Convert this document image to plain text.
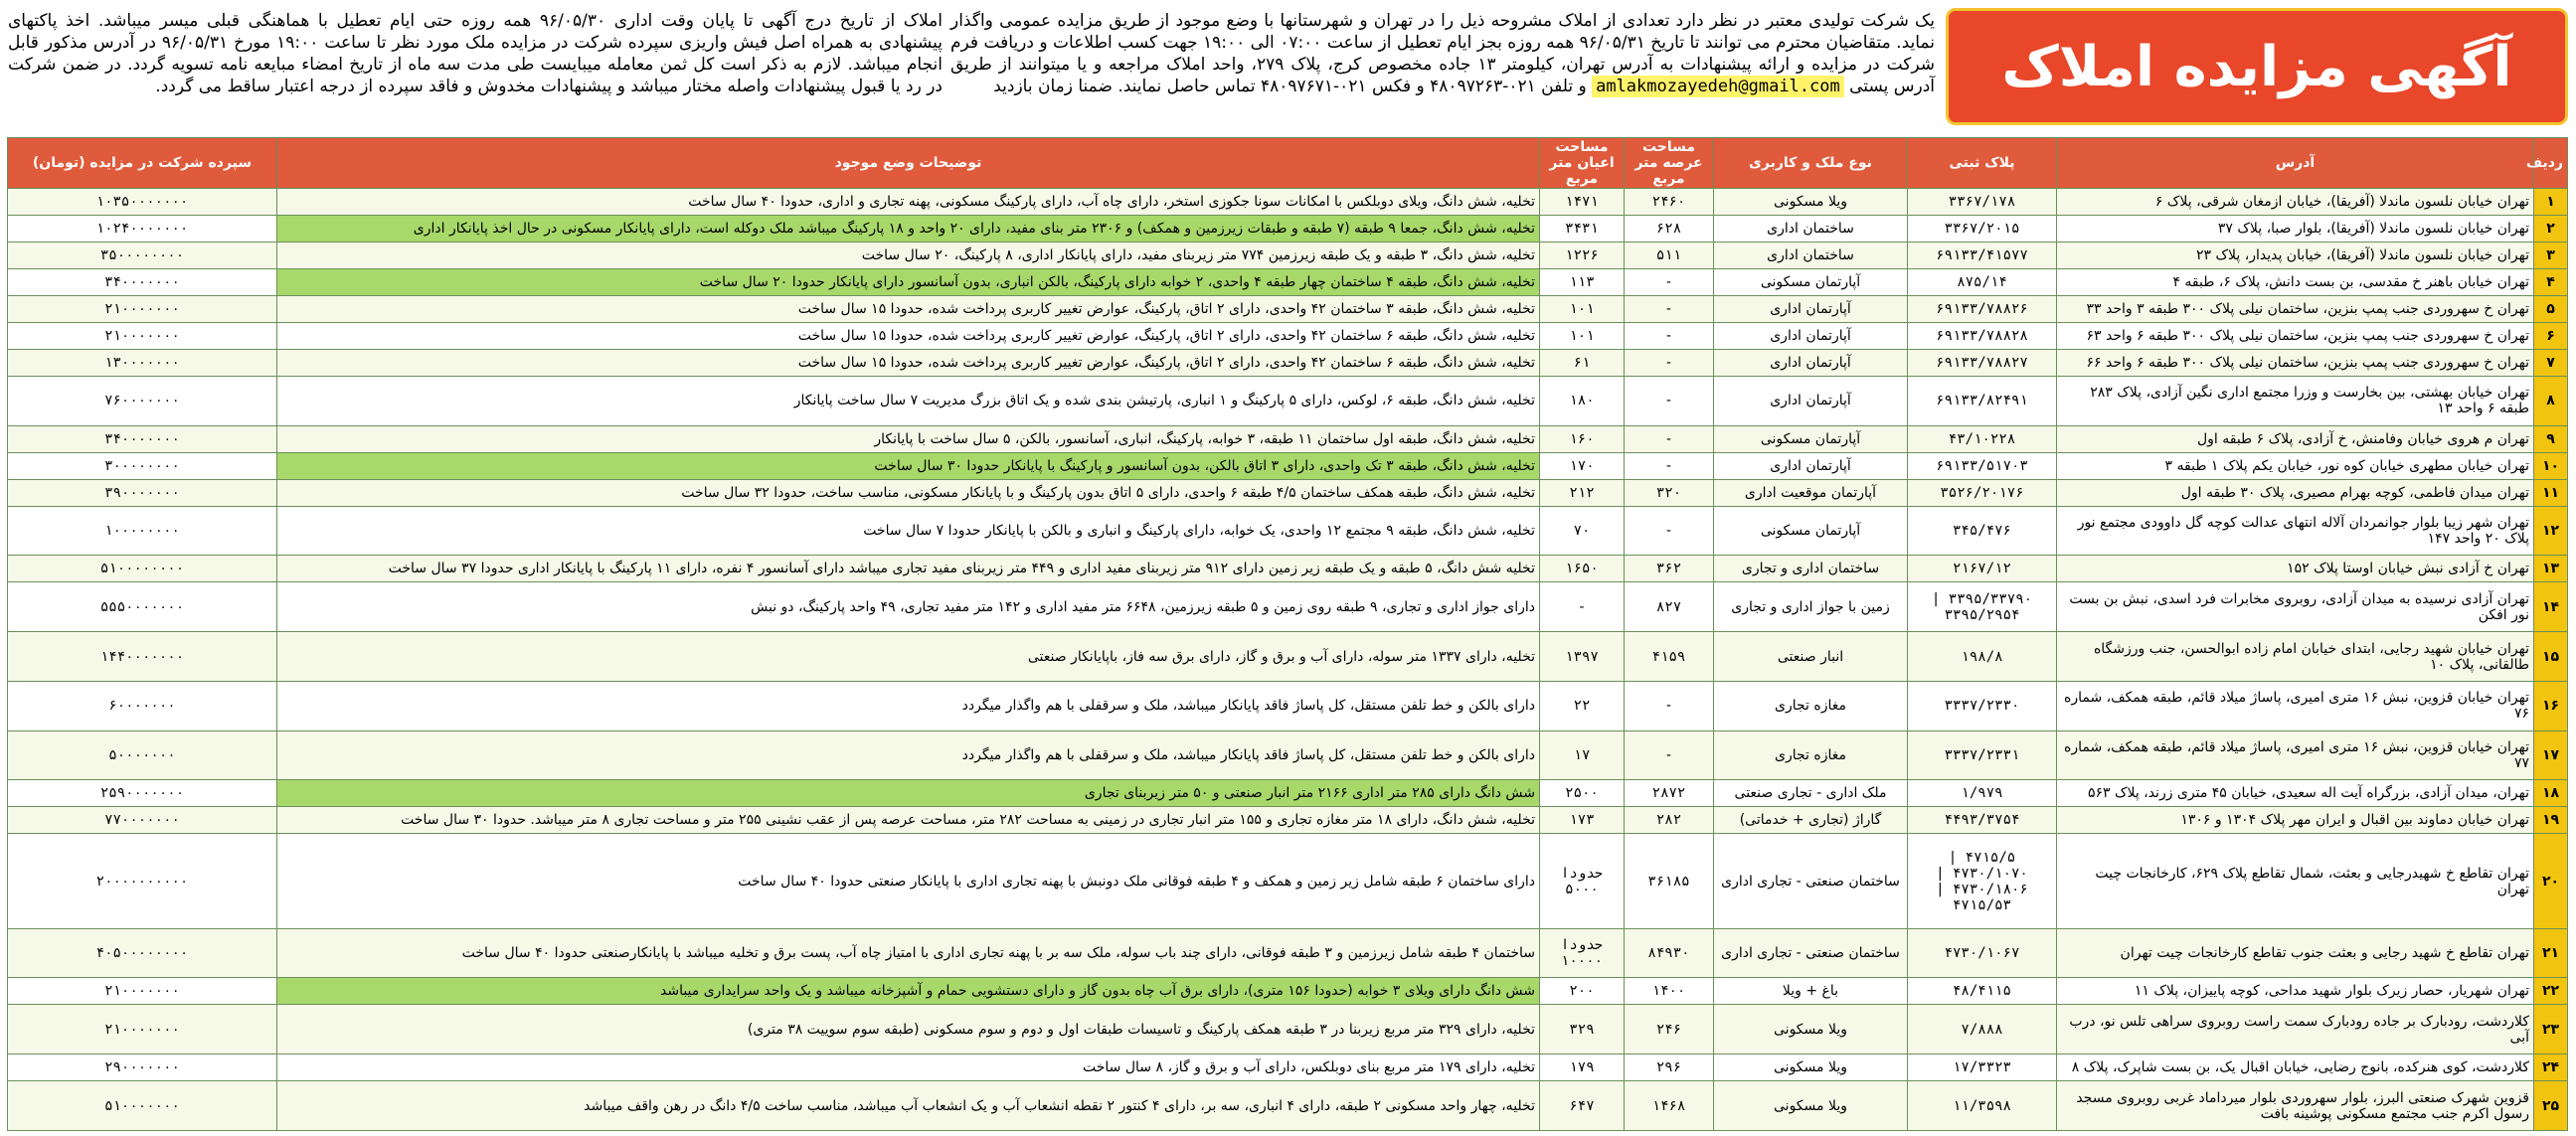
آگهی مزایده املاک
یک شرکت تولیدی معتبر در نظر دارد تعدادی از املاک مشروحه ذیل را در تهران و شهرستانها با وضع موجود از طریق مزایده عمومی واگذار نماید. متقاضیان محترم می توانند تا تاریخ ۹۶/۰۵/۳۱ همه روزه بجز ایام تعطیل از ساعت ۰۷:۰۰ الی ۱۹:۰۰ جهت کسب اطلاعات و دریافت فرم شرکت در مزایده و ارائه پیشنهادات به آدرس تهران، کیلومتر ۱۳ جاده مخصوص کرج، پلاک ۲۷۹، واحد املاک مراجعه و یا میتوانند از طریق آدرس پستی amlakmozayedeh@gmail.com و تلفن ۰۲۱-۴۸۰۹۷۲۶۳ و فکس ۰۲۱-۴۸۰۹۷۶۷۱ تماس حاصل نمایند. ضمنا زمان بازدید
املاک از تاریخ درج آگهی تا پایان وقت اداری ۹۶/۰۵/۳۰ همه روزه حتی ایام تعطیل با هماهنگی قبلی میسر میباشد. اخذ پاکتهای پیشنهادی به همراه اصل فیش واریزی سپرده شرکت در مزایده ملک مورد نظر تا ساعت ۱۹:۰۰ مورخ ۹۶/۰۵/۳۱ در آدرس مذکور قابل انجام میباشد. لازم به ذکر است کل ثمن معامله میبایست طی مدت سه ماه از تاریخ امضاء مبایعه نامه تسویه گردد. در ضمن شرکت در رد یا قبول پیشنهادات واصله مختار میباشد و پیشنهادات مخدوش و فاقد سپرده از درجه اعتبار ساقط می گردد.
ردیف	آدرس	پلاک ثبتی	نوع ملک و کاربری	مساحت عرصه متر مربع	مساحت اعیان متر مربع	توضیحات وضع موجود	سپرده شرکت در مزایده (تومان)
۱	تهران خیابان نلسون ماندلا (آفریقا)، خیابان ازمغان شرقی، پلاک ۶	۳۳۶۷/۱۷۸	ویلا مسکونی	۲۴۶۰	۱۴۷۱	تخلیه، شش دانگ، ویلای دوبلکس با امکانات سونا جکوزی استخر، دارای چاه آب، دارای پارکینگ مسکونی، پهنه تجاری و اداری، حدودا ۴۰ سال ساخت	۱۰۳۵۰۰۰۰۰۰۰
۲	تهران خیابان نلسون ماندلا (آفریقا)، بلوار صبا، پلاک ۳۷	۳۳۶۷/۲۰۱۵	ساختمان اداری	۶۲۸	۳۴۳۱	تخلیه، شش دانگ، جمعا ۹ طبقه (۷ طبقه و طبقات زیرزمین و همکف) و ۲۳۰۶ متر بنای مفید، دارای ۲۰ واحد و ۱۸ پارکینگ میباشد ملک دوکله است، دارای پایانکار مسکونی در حال اخذ پایانکار اداری	۱۰۲۴۰۰۰۰۰۰۰
۳	تهران خیابان نلسون ماندلا (آفریقا)، خیابان پدیدار، پلاک ۲۳	۶۹۱۳۳/۴۱۵۷۷	ساختمان اداری	۵۱۱	۱۲۲۶	تخلیه، شش دانگ، ۳ طبقه و یک طبقه زیرزمین ۷۷۴ متر زیربنای مفید، دارای پایانکار اداری، ۸ پارکینگ، ۲۰ سال ساخت	۳۵۰۰۰۰۰۰۰۰
۴	تهران خیابان باهنر خ مقدسی، بن بست دانش، پلاک ۶، طبقه ۴	۸۷۵/۱۴	آپارتمان مسکونی	-	۱۱۳	تخلیه، شش دانگ، طبقه ۴ ساختمان چهار طبقه ۴ واحدی، ۲ خوابه دارای پارکینگ، بالکن انباری، بدون آسانسور دارای پایانکار حدودا ۲۰ سال ساخت	۳۴۰۰۰۰۰۰۰
۵	تهران خ سهروردی جنب پمپ بنزین، ساختمان نیلی پلاک ۳۰۰ طبقه ۳ واحد ۳۳	۶۹۱۳۳/۷۸۸۲۶	آپارتمان اداری	-	۱۰۱	تخلیه، شش دانگ، طبقه ۳ ساختمان ۴۲ واحدی، دارای ۲ اتاق، پارکینگ، عوارض تغییر کاربری پرداخت شده، حدودا ۱۵ سال ساخت	۲۱۰۰۰۰۰۰۰
۶	تهران خ سهروردی جنب پمپ بنزین، ساختمان نیلی پلاک ۳۰۰ طبقه ۶ واحد ۶۳	۶۹۱۳۳/۷۸۸۲۸	آپارتمان اداری	-	۱۰۱	تخلیه، شش دانگ، طبقه ۶ ساختمان ۴۲ واحدی، دارای ۲ اتاق، پارکینگ، عوارض تغییر کاربری پرداخت شده، حدودا ۱۵ سال ساخت	۲۱۰۰۰۰۰۰۰
۷	تهران خ سهروردی جنب پمپ بنزین، ساختمان نیلی پلاک ۳۰۰ طبقه ۶ واحد ۶۶	۶۹۱۳۳/۷۸۸۲۷	آپارتمان اداری	-	۶۱	تخلیه، شش دانگ، طبقه ۶ ساختمان ۴۲ واحدی، دارای ۲ اتاق، پارکینگ، عوارض تغییر کاربری پرداخت شده، حدودا ۱۵ سال ساخت	۱۳۰۰۰۰۰۰۰
۸	تهران خیابان بهشتی، بین بخارست و وزرا مجتمع اداری نگین آزادی، پلاک ۲۸۳ طبقه ۶ واحد ۱۳	۶۹۱۳۳/۸۲۴۹۱	آپارتمان اداری	-	۱۸۰	تخلیه، شش دانگ، طبقه ۶، لوکس، دارای ۵ پارکینگ و ۱ انباری، پارتیشن بندی شده و یک اتاق بزرگ مدیریت ۷ سال ساخت پایانکار	۷۶۰۰۰۰۰۰۰
۹	تهران م هروی خیابان وفامنش، خ آزادی، پلاک ۶ طبقه اول	۴۳/۱۰۲۲۸	آپارتمان مسکونی	-	۱۶۰	تخلیه، شش دانگ، طبقه اول ساختمان ۱۱ طبقه، ۳ خوابه، پارکینگ، انباری، آسانسور، بالکن، ۵ سال ساخت با پایانکار	۳۴۰۰۰۰۰۰۰
۱۰	تهران خیابان مطهری خیابان کوه نور، خیابان یکم پلاک ۱ طبقه ۳	۶۹۱۳۳/۵۱۷۰۳	آپارتمان اداری	-	۱۷۰	تخلیه، شش دانگ، طبقه ۳ تک واحدی، دارای ۳ اتاق بالکن، بدون آسانسور و پارکینگ با پایانکار حدودا ۳۰ سال ساخت	۳۰۰۰۰۰۰۰۰
۱۱	تهران میدان فاطمی، کوچه بهرام مصیری، پلاک ۳۰ طبقه اول	۳۵۲۶/۲۰۱۷۶	آپارتمان موقعیت اداری	۳۲۰	۲۱۲	تخلیه، شش دانگ، طبقه همکف ساختمان ۴/۵ طبقه ۶ واحدی، دارای ۵ اتاق بدون پارکینگ و با پایانکار مسکونی، مناسب ساخت، حدودا ۳۲ سال ساخت	۳۹۰۰۰۰۰۰۰
۱۲	تهران شهر زیبا بلوار جوانمردان آلاله انتهای عدالت کوچه گل داوودی مجتمع نور پلاک ۲۰ واحد ۱۴۷	۳۴۵/۴۷۶	آپارتمان مسکونی	-	۷۰	تخلیه، شش دانگ، طبقه ۹ مجتمع ۱۲ واحدی، یک خوابه، دارای پارکینگ و انباری و بالکن با پایانکار حدودا ۷ سال ساخت	۱۰۰۰۰۰۰۰۰
۱۳	تهران خ آزادی نبش خیابان اوستا پلاک ۱۵۲	۲۱۶۷/۱۲	ساختمان اداری و تجاری	۳۶۲	۱۶۵۰	تخلیه شش دانگ، ۵ طبقه و یک طبقه زیر زمین دارای ۹۱۲ متر زیربنای مفید اداری و ۴۴۹ متر زیربنای مفید تجاری میباشد دارای آسانسور ۴ نفره، دارای ۱۱ پارکینگ با پایانکار اداری حدودا ۳۷ سال ساخت	۵۱۰۰۰۰۰۰۰۰
۱۴	تهران آزادی نرسیده به میدان آزادی، روبروی مخابرات فرد اسدی، نبش بن بست نور افکن	۳۳۹۵/۳۳۷۹۰ | ۳۳۹۵/۲۹۵۴	زمین با جواز اداری و تجاری	۸۲۷	-	دارای جواز اداری و تجاری، ۹ طبقه روی زمین و ۵ طبقه زیرزمین، ۶۶۴۸ متر مفید اداری و ۱۴۲ متر مفید تجاری، ۴۹ واحد پارکینگ، دو نبش	۵۵۵۰۰۰۰۰۰۰
۱۵	تهران خیابان شهید رجایی، ابتدای خیابان امام زاده ابوالحسن، جنب ورزشگاه طالقانی، پلاک ۱۰	۱۹۸/۸	انبار صنعتی	۴۱۵۹	۱۳۹۷	تخلیه، دارای ۱۳۳۷ متر سوله، دارای آب و برق و گاز، دارای برق سه فاز، باپایانکار صنعتی	۱۴۴۰۰۰۰۰۰۰
۱۶	تهران خیابان قزوین، نبش ۱۶ متری امیری، پاساژ میلاد قائم، طبقه همکف، شماره ۷۶	۳۳۳۷/۲۳۳۰	مغازه تجاری	-	۲۲	دارای بالکن و خط تلفن مستقل، کل پاساژ فاقد پایانکار میباشد، ملک و سرقفلی با هم واگذار میگردد	۶۰۰۰۰۰۰۰
۱۷	تهران خیابان قزوین، نبش ۱۶ متری امیری، پاساژ میلاد قائم، طبقه همکف، شماره ۷۷	۳۳۳۷/۲۳۳۱	مغازه تجاری	-	۱۷	دارای بالکن و خط تلفن مستقل، کل پاساژ فاقد پایانکار میباشد، ملک و سرقفلی با هم واگذار میگردد	۵۰۰۰۰۰۰۰
۱۸	تهران، میدان آزادی، بزرگراه آیت اله سعیدی، خیابان ۴۵ متری زرند، پلاک ۵۶۳	۱/۹۷۹	ملک اداری - تجاری صنعتی	۲۸۷۲	۲۵۰۰	شش دانگ دارای ۲۸۵ متر اداری ۲۱۶۶ متر انبار صنعتی و ۵۰ متر زیربنای تجاری	۲۵۹۰۰۰۰۰۰۰
۱۹	تهران خیابان دماوند بین اقبال و ایران مهر پلاک ۱۳۰۴ و ۱۳۰۶	۴۴۹۳/۳۷۵۴	گاراژ (تجاری + خدماتی)	۲۸۲	۱۷۳	تخلیه، شش دانگ، دارای ۱۸ متر مغازه تجاری و ۱۵۵ متر انبار تجاری در زمینی به مساحت ۲۸۲ متر، مساحت عرصه پس از عقب نشینی ۲۵۵ متر و مساحت تجاری ۸ متر میباشد. حدودا ۳۰ سال ساخت	۷۷۰۰۰۰۰۰۰
۲۰	تهران تقاطع خ شهیدرجایی و بعثت، شمال تقاطع پلاک ۶۲۹، کارخانجات چیت تهران	۴۷۱۵/۵ | ۴۷۳۰/۱۰۷۰ | ۴۷۳۰/۱۸۰۶ | ۴۷۱۵/۵۳	ساختمان صنعتی - تجاری اداری	۳۶۱۸۵	حدودا ۵۰۰۰	دارای ساختمان ۶ طبقه شامل زیر زمین و همکف و ۴ طبقه فوقانی ملک دونبش با پهنه تجاری اداری با پایانکار صنعتی حدودا ۴۰ سال ساخت	۲۰۰۰۰۰۰۰۰۰۰
۲۱	تهران تقاطع خ شهید رجایی و بعثت جنوب تقاطع کارخانجات چیت تهران	۴۷۳۰/۱۰۶۷	ساختمان صنعتی - تجاری اداری	۸۴۹۳۰	حدودا ۱۰۰۰۰	ساختمان ۴ طبقه شامل زیرزمین و ۳ طبقه فوقانی، دارای چند باب سوله، ملک سه بر با پهنه تجاری اداری با امتیاز چاه آب، پست برق و تخلیه میباشد با پایانکارصنعتی حدودا ۴۰ سال ساخت	۴۰۵۰۰۰۰۰۰۰۰
۲۲	تهران شهریار، حصار زیرک بلوار شهید مداحی، کوچه پاییزان، پلاک ۱۱	۴۸/۴۱۱۵	باغ + ویلا	۱۴۰۰	۲۰۰	شش دانگ دارای ویلای ۳ خوابه (حدودا ۱۵۶ متری)، دارای برق آب چاه بدون گاز و دارای دستشویی حمام و آشپزخانه میباشد و یک واحد سرایداری میباشد	۲۱۰۰۰۰۰۰۰
۲۳	کلاردشت، رودبارک بر جاده رودبارک سمت راست روبروی سراهی تلس نو، درب آبی	۷/۸۸۸	ویلا مسکونی	۲۴۶	۳۲۹	تخلیه، دارای ۳۲۹ متر مربع زیربنا در ۳ طبقه همکف پارکینگ و تاسیسات طبقات اول و دوم و سوم مسکونی (طبقه سوم سوییت ۳۸ متری)	۲۱۰۰۰۰۰۰۰
۲۴	کلاردشت، کوی هنرکده، بانوج رضایی، خیابان اقبال یک، بن بست شاپرک، پلاک ۸	۱۷/۳۳۲۳	ویلا مسکونی	۲۹۶	۱۷۹	تخلیه، دارای ۱۷۹ متر مربع بنای دوبلکس، دارای آب و برق و گاز، ۸ سال ساخت	۲۹۰۰۰۰۰۰۰
۲۵	قزوین شهرک صنعتی البرز، بلوار سهروردی بلوار میرداماد غربی روبروی مسجد رسول اکرم جنب مجتمع مسکونی پوشینه بافت	۱۱/۳۵۹۸	ویلا مسکونی	۱۴۶۸	۶۴۷	تخلیه، چهار واحد مسکونی ۲ طبقه، دارای ۴ انباری، سه بر، دارای ۴ کنتور ۲ نقطه انشعاب آب و یک انشعاب آب میباشد، مناسب ساخت ۴/۵ دانگ در رهن واقف میباشد	۵۱۰۰۰۰۰۰۰
